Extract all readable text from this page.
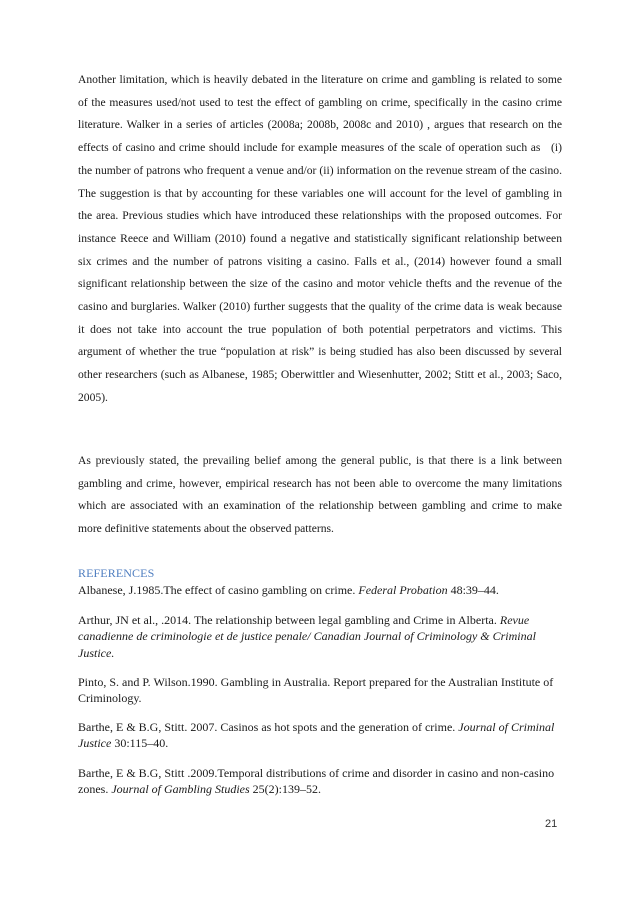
Another limitation, which is heavily debated in the literature on crime and gambling is related to some of the measures used/not used to test the effect of gambling on crime, specifically in the casino crime literature. Walker in a series of articles (2008a; 2008b, 2008c and 2010) , argues that research on the effects of casino and crime should include for example measures of the scale of operation such as   (i) the number of patrons who frequent a venue and/or (ii) information on the revenue stream of the casino. The suggestion is that by accounting for these variables one will account for the level of gambling in the area. Previous studies which have introduced these relationships with the proposed outcomes. For instance Reece and William (2010) found a negative and statistically significant relationship between six crimes and the number of patrons visiting a casino. Falls et al., (2014) however found a small significant relationship between the size of the casino and motor vehicle thefts and the revenue of the casino and burglaries. Walker (2010) further suggests that the quality of the crime data is weak because it does not take into account the true population of both potential perpetrators and victims. This argument of whether the true “population at risk” is being studied has also been discussed by several other researchers (such as Albanese, 1985; Oberwittler and Wiesenhutter, 2002; Stitt et al., 2003; Saco, 2005).

As previously stated, the prevailing belief among the general public, is that there is a link between gambling and crime, however, empirical research has not been able to overcome the many limitations which are associated with an examination of the relationship between gambling and crime to make more definitive statements about the observed patterns.

REFERENCES

Albanese, J.1985.The effect of casino gambling on crime. Federal Probation 48:39–44.

Arthur, JN et al., .2014. The relationship between legal gambling and Crime in Alberta. Revue canadienne de criminologie et de justice penale/ Canadian Journal of Criminology & Criminal Justice.

Pinto, S. and P. Wilson.1990. Gambling in Australia. Report prepared for the Australian Institute of Criminology.

Barthe, E & B.G, Stitt. 2007. Casinos as hot spots and the generation of crime. Journal of Criminal Justice 30:115–40.

Barthe, E & B.G, Stitt .2009.Temporal distributions of crime and disorder in casino and non-casino zones. Journal of Gambling Studies 25(2):139–52.

21
